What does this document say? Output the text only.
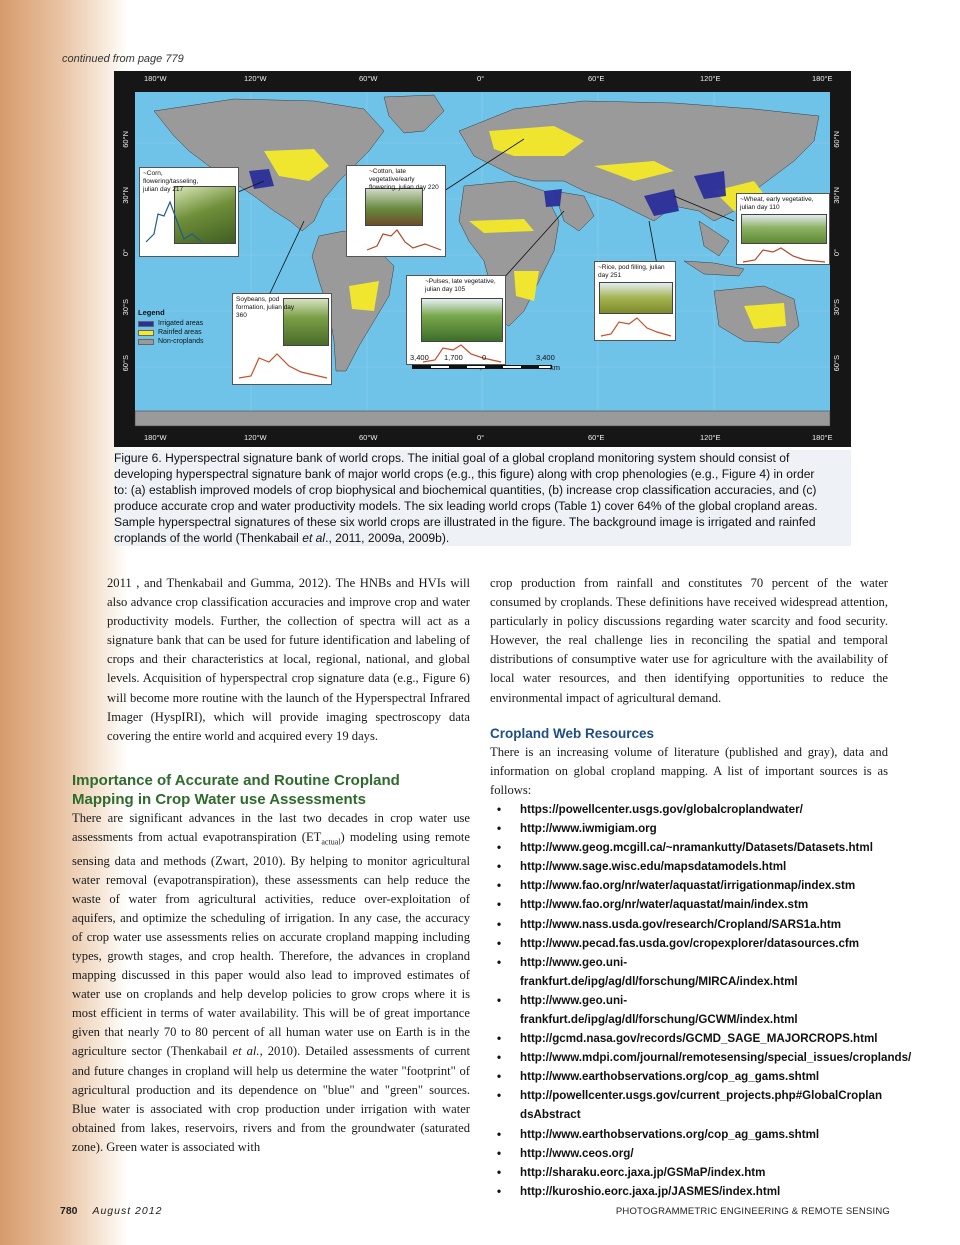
continued from page 779
180°W	120°W	60°W	0°	60°E	120°E	180°E
180°W	120°W	60°W	0°	60°E	120°E	180°E
60°N
30°N
0°
30°S
60°S
60°N
30°N
0°
30°S
60°S
~Corn, flowering/tasseling, julian day 217
~Cotton, late vegetative/early flowering, julian day 220
~Wheat, early vegetative, julian day 110
~Rice, pod filling, julian day 251
~Pulses, late vegetative, julian day 105
Soybeans, pod formation, julian day 360
Legend
Irrigated areas
Rainfed areas
Non-croplands
3,400 1,700	0	3,400
km
Figure 6. Hyperspectral signature bank of world crops. The initial goal of a global cropland monitoring system should consist of
developing hyperspectral signature bank of major world crops (e.g., this figure) along with crop phenologies (e.g., Figure 4) in order
to: (a) establish improved models of crop biophysical and biochemical quantities, (b) increase crop classification accuracies, and (c)
produce accurate crop and water productivity models. The six leading world crops (Table 1) cover 64% of the global cropland areas.
Sample hyperspectral signatures of these six world crops are illustrated in the figure. The background image is irrigated and rainfed
croplands of the world (Thenkabail et al., 2011, 2009a, 2009b).

2011 , and Thenkabail and Gumma, 2012). The HNBs and HVIs will also advance crop classification accuracies and improve crop and water productivity models. Further, the collection of spectra will act as a signature bank that can be used for future identification and labeling of crops and their characteristics at local, regional, national, and global levels. Acquisition of hyperspectral crop signature data (e.g., Figure 6) will become more routine with the launch of the Hyperspectral Infrared Imager (HyspIRI), which will provide imaging spectroscopy data covering the entire world and acquired every 19 days.

Importance of Accurate and Routine Cropland
Mapping in Crop Water use Assessments

There are significant advances in the last two decades in crop water use assessments from actual evapotranspiration $(ET_{actual})$ modeling using remote sensing data and methods (Zwart, 2010). By helping to monitor agricultural water removal (evapotranspiration), these assessments can help reduce the waste of water from agricultural activities, reduce over-exploitation of aquifers, and optimize the scheduling of irrigation. In any case, the accuracy of crop water use assessments relies on accurate cropland mapping including types, growth stages, and crop health. Therefore, the advances in cropland mapping discussed in this paper would also lead to improved estimates of water use on croplands and help develop policies to grow crops where it is most efficient in terms of water availability. This will be of great importance given that nearly 70 to 80 percent of all human water use on Earth is in the agriculture sector (Thenkabail et al., 2010). Detailed assessments of current and future changes in cropland will help us determine the water "footprint" of agricultural production and its dependence on "blue" and "green" sources. Blue water is associated with crop production under irrigation with water obtained from lakes, reservoirs, rivers and from the groundwater (saturated zone). Green water is associated with

crop production from rainfall and constitutes 70 percent of the water consumed by croplands. These definitions have received widespread attention, particularly in policy discussions regarding water scarcity and food security. However, the real challenge lies in reconciling the spatial and temporal distributions of consumptive water use for agriculture with the availability of local water resources, and then identifying opportunities to reduce the environmental impact of agricultural demand.

Cropland Web Resources

There is an increasing volume of literature (published and gray), data and information on global cropland mapping. A list of important sources is as follows:

• https://powellcenter.usgs.gov/globalcroplandwater/
• http://www.iwmigiam.org
• http://www.geog.mcgill.ca/~nramankutty/Datasets/Datasets.html
• http://www.sage.wisc.edu/mapsdatamodels.html
• http://www.fao.org/nr/water/aquastat/irrigationmap/index.stm
• http://www.fao.org/nr/water/aquastat/main/index.stm
• http://www.nass.usda.gov/research/Cropland/SARS1a.htm
• http://www.pecad.fas.usda.gov/cropexplorer/datasources.cfm
• http://www.geo.uni-frankfurt.de/ipg/ag/dl/forschung/MIRCA/index.html
• http://www.geo.uni-frankfurt.de/ipg/ag/dl/forschung/GCWM/index.html
• http://gcmd.nasa.gov/records/GCMD_SAGE_MAJORCROPS.html
• http://www.mdpi.com/journal/remotesensing/special_issues/croplands/
• http://www.earthobservations.org/cop_ag_gams.shtml
• http://powellcenter.usgs.gov/current_projects.php#GlobalCroplandsAbstract
• http://www.earthobservations.org/cop_ag_gams.shtml
• http://www.ceos.org/
• http://sharaku.eorc.jaxa.jp/GSMaP/index.htm
• http://kuroshio.eorc.jaxa.jp/JASMES/index.html
780 August 2012	PHOTOGRAMMETRIC ENGINEERING & REMOTE SENSING
